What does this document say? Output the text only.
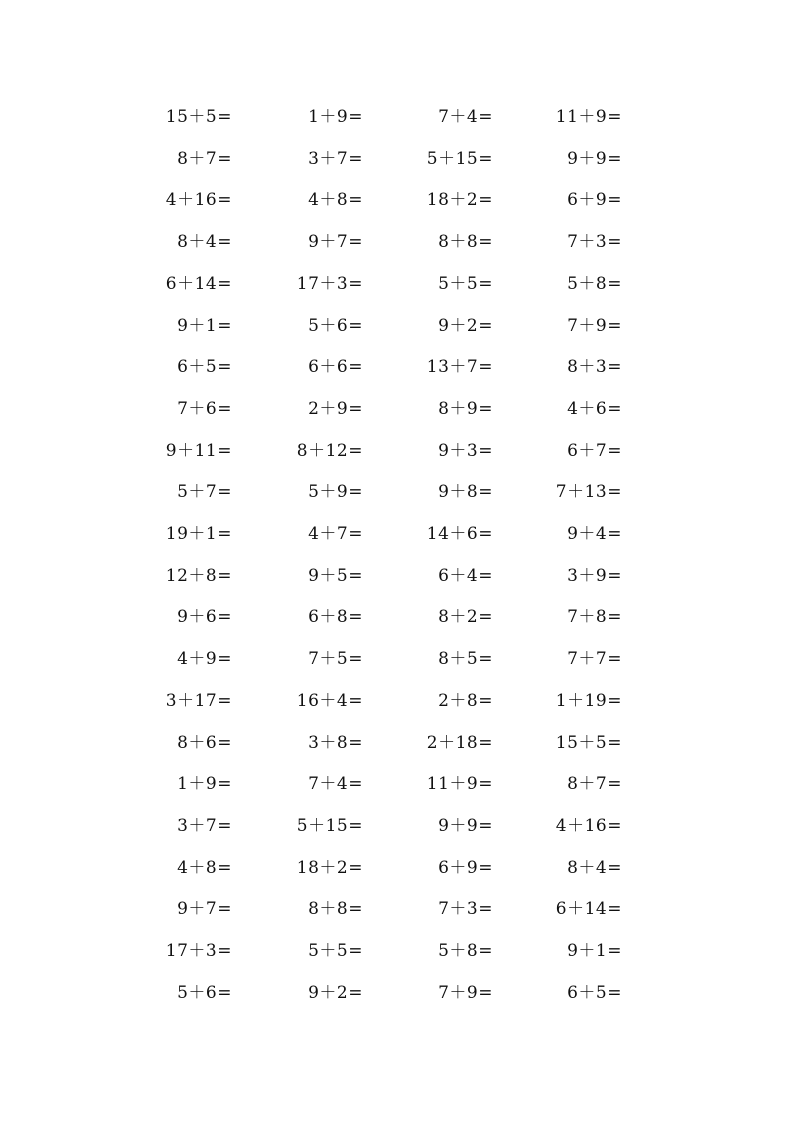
15＋5=	1＋9=	7＋4=	11＋9=
8＋7=	3＋7=	5＋15=	9＋9=
4＋16=	4＋8=	18＋2=	6＋9=
8＋4=	9＋7=	8＋8=	7＋3=
6＋14=	17＋3=	5＋5=	5＋8=
9＋1=	5＋6=	9＋2=	7＋9=
6＋5=	6＋6=	13＋7=	8＋3=
7＋6=	2＋9=	8＋9=	4＋6=
9＋11=	8＋12=	9＋3=	6＋7=
5＋7=	5＋9=	9＋8=	7＋13=
19＋1=	4＋7=	14＋6=	9＋4=
12＋8=	9＋5=	6＋4=	3＋9=
9＋6=	6＋8=	8＋2=	7＋8=
4＋9=	7＋5=	8＋5=	7＋7=
3＋17=	16＋4=	2＋8=	1＋19=
8＋6=	3＋8=	2＋18=	15＋5=
1＋9=	7＋4=	11＋9=	8＋7=
3＋7=	5＋15=	9＋9=	4＋16=
4＋8=	18＋2=	6＋9=	8＋4=
9＋7=	8＋8=	7＋3=	6＋14=
17＋3=	5＋5=	5＋8=	9＋1=
5＋6=	9＋2=	7＋9=	6＋5=
